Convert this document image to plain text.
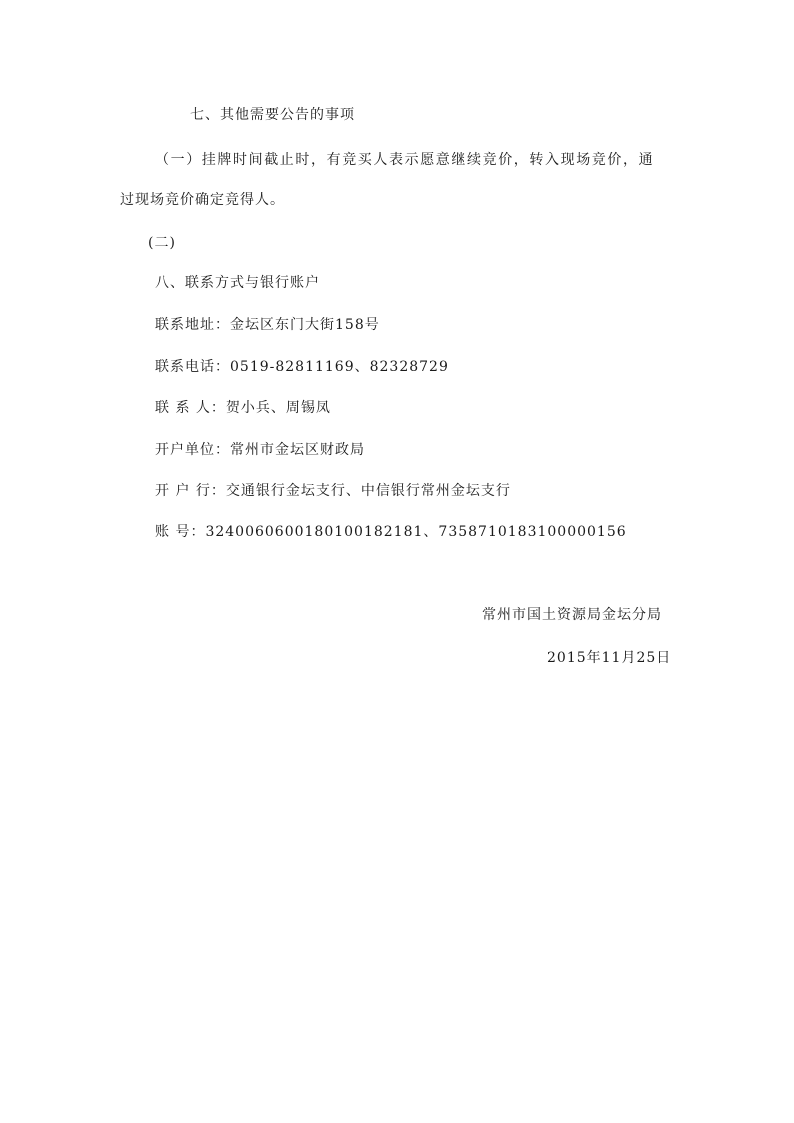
七、其他需要公告的事项
（一）挂牌时间截止时，有竞买人表示愿意继续竞价，转入现场竞价，通
过现场竞价确定竞得人。
(二)
八、联系方式与银行账户
联系地址：金坛区东门大街158号
联系电话：0519-82811169、82328729
联 系 人：贺小兵、周锡凤
开户单位：常州市金坛区财政局
开 户 行：交通银行金坛支行、中信银行常州金坛支行
账 号：3240060600180100182181、7358710183100000156
常州市国土资源局金坛分局
2015年11月25日
